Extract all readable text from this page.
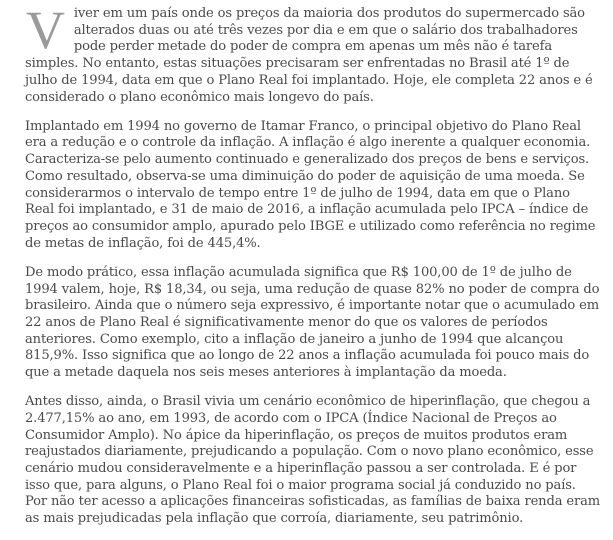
V iver em um país onde os preços da maioria dos produtos do supermercado são alterados duas ou até três vezes por dia e em que o salário dos trabalhadores pode perder metade do poder de compra em apenas um mês não é tarefa simples. No entanto, estas situações precisaram ser enfrentadas no Brasil até 1º de julho de 1994, data em que o Plano Real foi implantado. Hoje, ele completa 22 anos e é considerado o plano econômico mais longevo do país.

Implantado em 1994 no governo de Itamar Franco, o principal objetivo do Plano Real era a redução e o controle da inflação. A inflação é algo inerente a qualquer economia. Caracteriza-se pelo aumento continuado e generalizado dos preços de bens e serviços. Como resultado, observa-se uma diminuição do poder de aquisição de uma moeda. Se considerarmos o intervalo de tempo entre 1º de julho de 1994, data em que o Plano Real foi implantado, e 31 de maio de 2016, a inflação acumulada pelo IPCA – índice de preços ao consumidor amplo, apurado pelo IBGE e utilizado como referência no regime de metas de inflação, foi de 445,4%.

De modo prático, essa inflação acumulada significa que R$ 100,00 de 1º de julho de 1994 valem, hoje, R$ 18,34, ou seja, uma redução de quase 82% no poder de compra do brasileiro. Ainda que o número seja expressivo, é importante notar que o acumulado em 22 anos de Plano Real é significativamente menor do que os valores de períodos anteriores. Como exemplo, cito a inflação de janeiro a junho de 1994 que alcançou 815,9%. Isso significa que ao longo de 22 anos a inflação acumulada foi pouco mais do que a metade daquela nos seis meses anteriores à implantação da moeda.

Antes disso, ainda, o Brasil vivia um cenário econômico de hiperinflação, que chegou a 2.477,15% ao ano, em 1993, de acordo com o IPCA (Índice Nacional de Preços ao Consumidor Amplo). No ápice da hiperinflação, os preços de muitos produtos eram reajustados diariamente, prejudicando a população. Com o novo plano econômico, esse cenário mudou consideravelmente e a hiperinflação passou a ser controlada. E é por isso que, para alguns, o Plano Real foi o maior programa social já conduzido no país. Por não ter acesso a aplicações financeiras sofisticadas, as famílias de baixa renda eram as mais prejudicadas pela inflação que corroía, diariamente, seu patrimônio.
